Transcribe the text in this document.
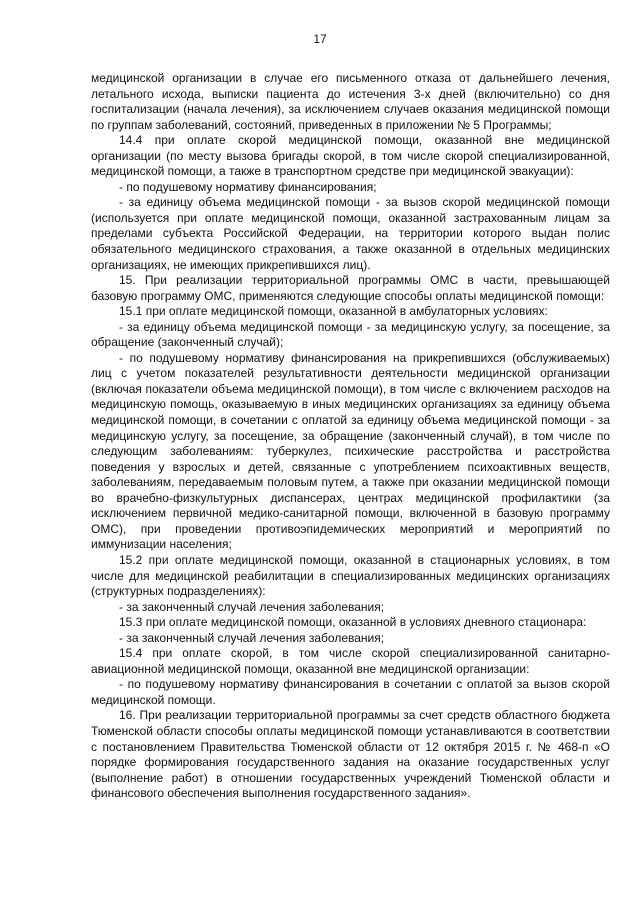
17

медицинской организации в случае его письменного отказа от дальнейшего лечения, летального исхода, выписки пациента до истечения 3-х дней (включительно) со дня госпитализации (начала лечения), за исключением случаев оказания медицинской помощи по группам заболеваний, состояний, приведенных в приложении № 5 Программы;

14.4 при оплате скорой медицинской помощи, оказанной вне медицинской организации (по месту вызова бригады скорой, в том числе скорой специализированной, медицинской помощи, а также в транспортном средстве при медицинской эвакуации):

- по подушевому нормативу финансирования;

- за единицу объема медицинской помощи - за вызов скорой медицинской помощи (используется при оплате медицинской помощи, оказанной застрахованным лицам за пределами субъекта Российской Федерации, на территории которого выдан полис обязательного медицинского страхования, а также оказанной в отдельных медицинских организациях, не имеющих прикрепившихся лиц).

15. При реализации территориальной программы ОМС в части, превышающей базовую программу ОМС, применяются следующие способы оплаты медицинской помощи:

15.1 при оплате медицинской помощи, оказанной в амбулаторных условиях:

- за единицу объема медицинской помощи - за медицинскую услугу, за посещение, за обращение (законченный случай);

- по подушевому нормативу финансирования на прикрепившихся (обслуживаемых) лиц с учетом показателей результативности деятельности медицинской организации (включая показатели объема медицинской помощи), в том числе с включением расходов на медицинскую помощь, оказываемую в иных медицинских организациях за единицу объема медицинской помощи, в сочетании с оплатой за единицу объема медицинской помощи - за медицинскую услугу, за посещение, за обращение (законченный случай), в том числе по следующим заболеваниям: туберкулез, психические расстройства и расстройства поведения у взрослых и детей, связанные с употреблением психоактивных веществ, заболеваниям, передаваемым половым путем, а также при оказании медицинской помощи во врачебно-физкультурных диспансерах, центрах медицинской профилактики (за исключением первичной медико-санитарной помощи, включенной в базовую программу ОМС), при проведении противоэпидемических мероприятий и мероприятий по иммунизации населения;

15.2 при оплате медицинской помощи, оказанной в стационарных условиях, в том числе для медицинской реабилитации в специализированных медицинских организациях (структурных подразделениях):

- за законченный случай лечения заболевания;

15.3 при оплате медицинской помощи, оказанной в условиях дневного стационара:

- за законченный случай лечения заболевания;

15.4 при оплате скорой, в том числе скорой специализированной санитарно-авиационной медицинской помощи, оказанной вне медицинской организации:

- по подушевому нормативу финансирования в сочетании с оплатой за вызов скорой медицинской помощи.

16. При реализации территориальной программы за счет средств областного бюджета Тюменской области способы оплаты медицинской помощи устанавливаются в соответствии с постановлением Правительства Тюменской области от 12 октября 2015 г. № 468-п «О порядке формирования государственного задания на оказание государственных услуг (выполнение работ) в отношении государственных учреждений Тюменской области и финансового обеспечения выполнения государственного задания».
